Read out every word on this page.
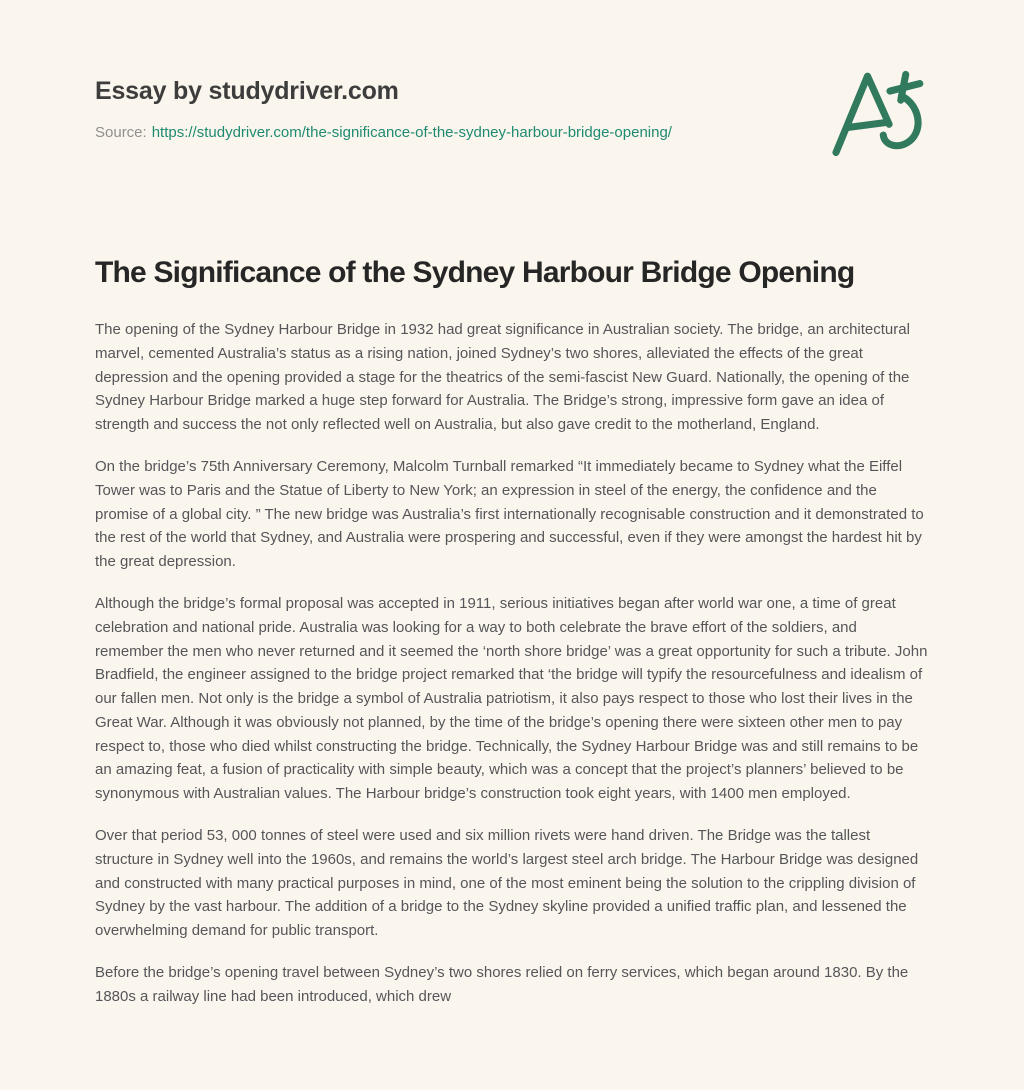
Essay by studydriver.com

Source: https://studydriver.com/the-significance-of-the-sydney-harbour-bridge-opening/

The Significance of the Sydney Harbour Bridge Opening

The opening of the Sydney Harbour Bridge in 1932 had great significance in Australian society. The bridge, an architectural marvel, cemented Australia’s status as a rising nation, joined Sydney’s two shores, alleviated the effects of the great depression and the opening provided a stage for the theatrics of the semi-fascist New Guard. Nationally, the opening of the Sydney Harbour Bridge marked a huge step forward for Australia. The Bridge’s strong, impressive form gave an idea of strength and success the not only reflected well on Australia, but also gave credit to the motherland, England.

On the bridge’s 75th Anniversary Ceremony, Malcolm Turnball remarked “It immediately became to Sydney what the Eiffel Tower was to Paris and the Statue of Liberty to New York; an expression in steel of the energy, the confidence and the promise of a global city. ” The new bridge was Australia’s first internationally recognisable construction and it demonstrated to the rest of the world that Sydney, and Australia were prospering and successful, even if they were amongst the hardest hit by the great depression.

Although the bridge’s formal proposal was accepted in 1911, serious initiatives began after world war one, a time of great celebration and national pride. Australia was looking for a way to both celebrate the brave effort of the soldiers, and remember the men who never returned and it seemed the ‘north shore bridge’ was a great opportunity for such a tribute. John Bradfield, the engineer assigned to the bridge project remarked that ‘the bridge will typify the resourcefulness and idealism of our fallen men. Not only is the bridge a symbol of Australia patriotism, it also pays respect to those who lost their lives in the Great War. Although it was obviously not planned, by the time of the bridge’s opening there were sixteen other men to pay respect to, those who died whilst constructing the bridge. Technically, the Sydney Harbour Bridge was and still remains to be an amazing feat, a fusion of practicality with simple beauty, which was a concept that the project’s planners’ believed to be synonymous with Australian values. The Harbour bridge’s construction took eight years, with 1400 men employed.

Over that period 53, 000 tonnes of steel were used and six million rivets were hand driven. The Bridge was the tallest structure in Sydney well into the 1960s, and remains the world’s largest steel arch bridge. The Harbour Bridge was designed and constructed with many practical purposes in mind, one of the most eminent being the solution to the crippling division of Sydney by the vast harbour. The addition of a bridge to the Sydney skyline provided a unified traffic plan, and lessened the overwhelming demand for public transport.

Before the bridge’s opening travel between Sydney’s two shores relied on ferry services, which began around 1830. By the 1880s a railway line had been introduced, which drew
